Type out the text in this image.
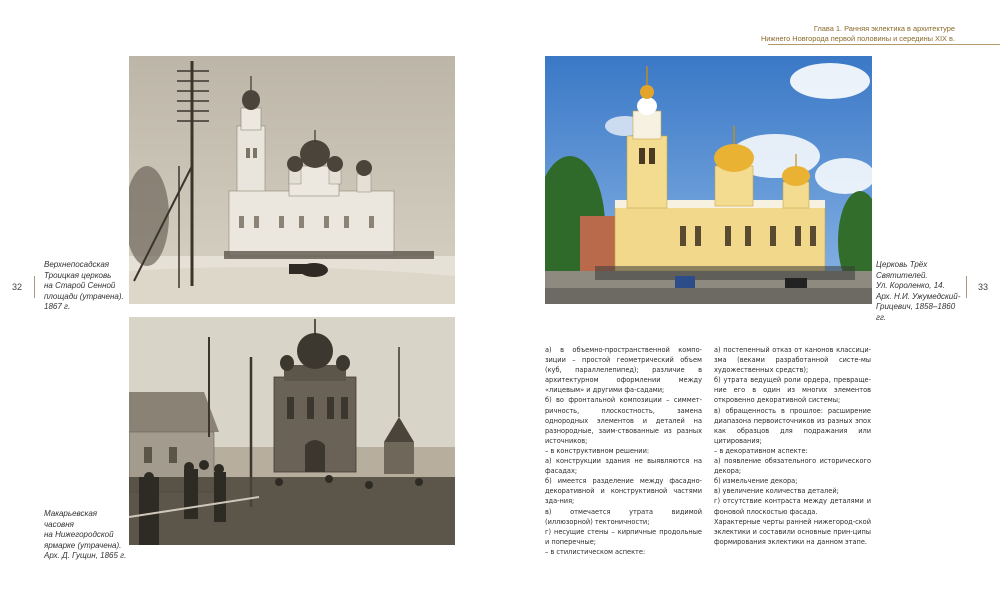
Глава 1. Ранняя эклектика в архитектуре
Нижнего Новгорода первой половины и середины XIX в.
32	33
Верхнепосадская
Троицкая церковь
на Старой Сенной
площади (утрачена).
1867 г.
Макарьевская часовня
на Нижегородской
ярмарке (утрачена).
Арх. Д. Гущин, 1865 г.
Церковь Трёх
Святителей.
Ул. Короленко, 14.
Арх. Н.И. Ужумедский-
Грицевич, 1858–1860 гг.

а) в объемно-пространственной компо-зиции – простой геометрический объем (куб, параллелепипед); различие в архитектурном оформлении между «лицевым» и другими фа-садами;

б) во фронтальной композиции – симмет-ричность, плоскостность, замена однородных элементов и деталей на разнородные, заим-ствованные из разных источников;

– в конструктивном решении:

а) конструкции здания не выявляются на фасадах;

б) имеется разделение между фасадно-декоративной и конструктивной частями зда-ния;

в) отмечается утрата видимой (иллюзорной) тектоничности;

г) несущие стены – кирпичные продольные и поперечные;

– в стилистическом аспекте:

а) постепенный отказ от канонов классици-зма (веками разработанной систе-мы художественных средств);

б) утрата ведущей роли ордера, превраще-ние его в один из многих элементов откровенно декоративной системы;

в) обращенность в прошлое: расширение диапазона первоисточников из разных эпох как образцов для подражания или цитирования;

– в декоративном аспекте:

а) появление обязательного исторического декора;

б) измельчение декора;

в) увеличение количества деталей;

г) отсутствие контраста между деталями и фоновой плоскостью фасада.

Характерные черты ранней нижегород-ской эклектики и составили основные прин-ципы формирования эклектики на данном этапе.
